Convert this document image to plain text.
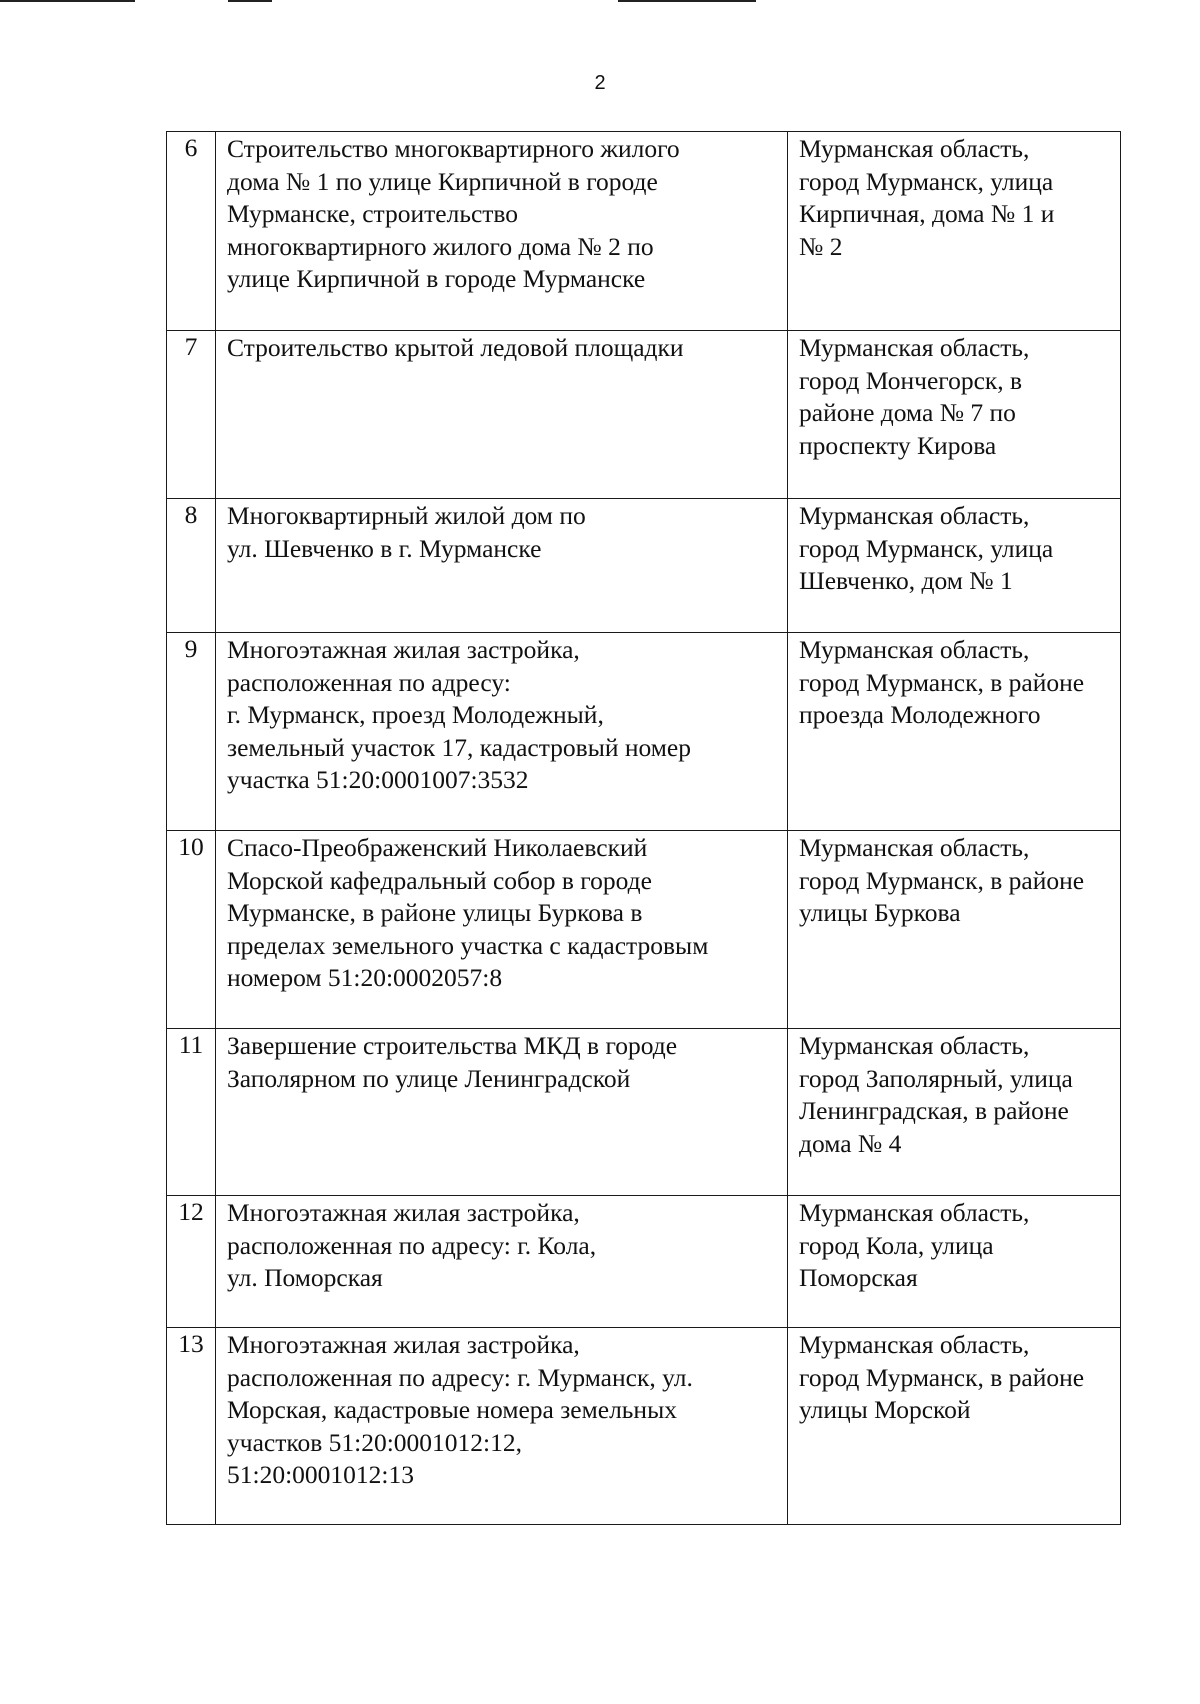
2
6	Строительство многоквартирного жилого
дома № 1 по улице Кирпичной в городе
Мурманске, строительство
многоквартирного жилого дома № 2 по
улице Кирпичной в городе Мурманске	Мурманская область,
город Мурманск, улица
Кирпичная, дома № 1 и
№ 2

7	Строительство крытой ледовой площадки	Мурманская область,
город Мончегорск, в
районе дома № 7 по
проспекту Кирова

8	Многоквартирный жилой дом по
ул. Шевченко в г. Мурманске	Мурманская область,
город Мурманск, улица
Шевченко, дом № 1

9	Многоэтажная жилая застройка,
расположенная по адресу:
г. Мурманск, проезд Молодежный,
земельный участок 17, кадастровый номер
участка 51:20:0001007:3532	Мурманская область,
город Мурманск, в районе
проезда Молодежного

10	Спасо-Преображенский Николаевский
Морской кафедральный собор в городе
Мурманске, в районе улицы Буркова в
пределах земельного участка с кадастровым
номером 51:20:0002057:8	Мурманская область,
город Мурманск, в районе
улицы Буркова

11	Завершение строительства МКД в городе
Заполярном по улице Ленинградской	Мурманская область,
город Заполярный, улица
Ленинградская, в районе
дома № 4

12	Многоэтажная жилая застройка,
расположенная по адресу: г. Кола,
ул. Поморская	Мурманская область,
город Кола, улица
Поморская

13	Многоэтажная жилая застройка,
расположенная по адресу: г. Мурманск, ул.
Морская, кадастровые номера земельных
участков 51:20:0001012:12,
51:20:0001012:13	Мурманская область,
город Мурманск, в районе
улицы Морской
